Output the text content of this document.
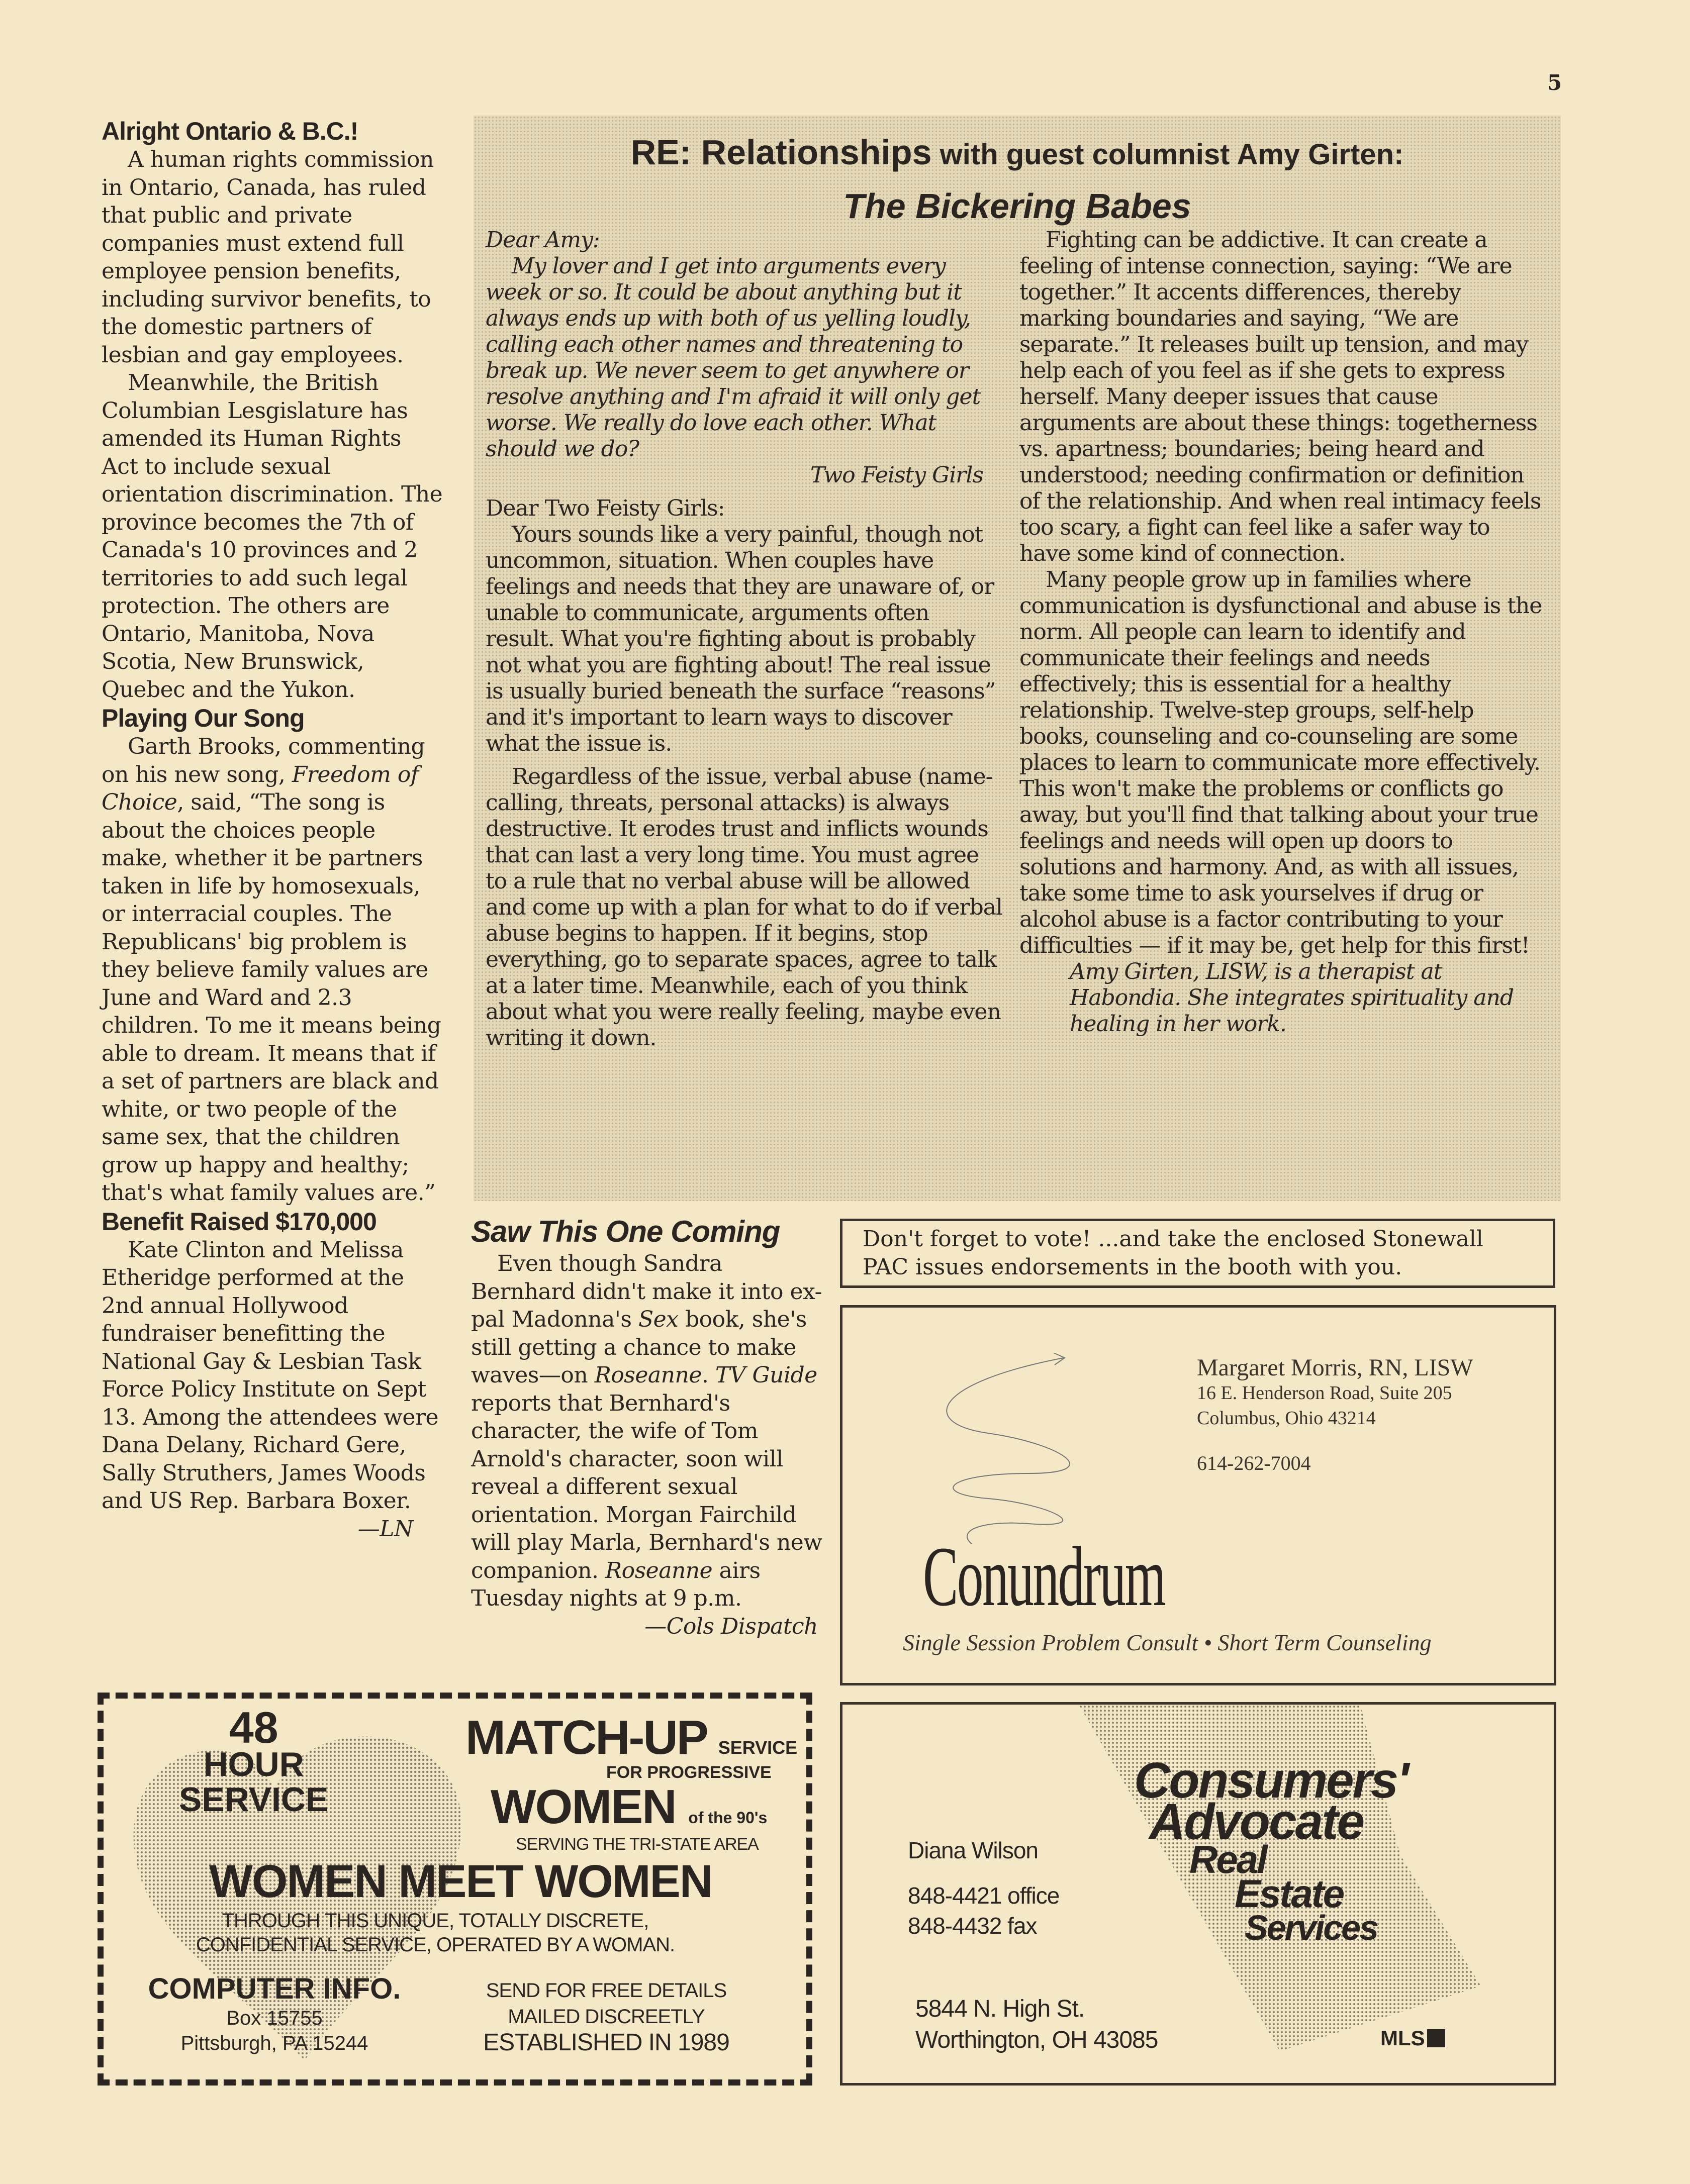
5
Alright Ontario & B.C.!

A human rights commission in Ontario, Canada, has ruled that public and private companies must extend full employee pension benefits, including survivor benefits, to the domestic partners of lesbian and gay employees.

Meanwhile, the British Columbian Lesgislature has amended its Human Rights Act to include sexual orientation discrimination. The province becomes the 7th of Canada's 10 provinces and 2 territories to add such legal protection. The others are Ontario, Manitoba, Nova Scotia, New Brunswick, Quebec and the Yukon.

Playing Our Song

Garth Brooks, commenting on his new song, Freedom of Choice, said, “The song is about the choices people make, whether it be partners taken in life by homosexuals, or interracial couples. The Republicans' big problem is they believe family values are June and Ward and 2.3 children. To me it means being able to dream. It means that if a set of partners are black and white, or two people of the same sex, that the children grow up happy and healthy; that's what family values are.”

Benefit Raised $170,000

Kate Clinton and Melissa Etheridge performed at the 2nd annual Hollywood fundraiser benefitting the National Gay & Lesbian Task Force Policy Institute on Sept 13. Among the attendees were Dana Delany, Richard Gere, Sally Struthers, James Woods and US Rep. Barbara Boxer.

—LN
RE: Relationships with guest columnist Amy Girten:
The Bickering Babes
Dear Amy:

My lover and I get into arguments every week or so. It could be about anything but it always ends up with both of us yelling loudly, calling each other names and threatening to break up. We never seem to get anywhere or resolve anything and I'm afraid it will only get worse. We really do love each other. What should we do?

Two Feisty Girls
Dear Two Feisty Girls:

Yours sounds like a very painful, though not uncommon, situation. When couples have feelings and needs that they are unaware of, or unable to communicate, arguments often result. What you're fighting about is probably not what you are fighting about! The real issue is usually buried beneath the surface “reasons” and it's important to learn ways to discover what the issue is.

Regardless of the issue, verbal abuse (name-calling, threats, personal attacks) is always destructive. It erodes trust and inflicts wounds that can last a very long time. You must agree to a rule that no verbal abuse will be allowed and come up with a plan for what to do if verbal abuse begins to happen. If it begins, stop everything, go to separate spaces, agree to talk at a later time. Meanwhile, each of you think about what you were really feeling, maybe even writing it down.

Fighting can be addictive. It can create a feeling of intense connection, saying: “We are together.” It accents differences, thereby marking boundaries and saying, “We are separate.” It releases built up tension, and may help each of you feel as if she gets to express herself. Many deeper issues that cause arguments are about these things: togetherness vs. apartness; boundaries; being heard and understood; needing confirmation or definition of the relationship. And when real intimacy feels too scary, a fight can feel like a safer way to have some kind of connection.

Many people grow up in families where communication is dysfunctional and abuse is the norm. All people can learn to identify and communicate their feelings and needs effectively; this is essential for a healthy relationship. Twelve-step groups, self-help books, counseling and co-counseling are some places to learn to communicate more effectively. This won't make the problems or conflicts go away, but you'll find that talking about your true feelings and needs will open up doors to solutions and harmony. And, as with all issues, take some time to ask yourselves if drug or alcohol abuse is a factor contributing to your difficulties — if it may be, get help for this first!

Amy Girten, LISW, is a therapist at Habondia. She integrates spirituality and healing in her work.
Saw This One Coming

Even though Sandra Bernhard didn't make it into ex-pal Madonna's Sex book, she's still getting a chance to make waves—on Roseanne. TV Guide reports that Bernhard's character, the wife of Tom Arnold's character, soon will reveal a different sexual orientation. Morgan Fairchild will play Marla, Bernhard's new companion. Roseanne airs Tuesday nights at 9 p.m.

—Cols Dispatch
Don't forget to vote! ...and take the enclosed Stonewall PAC issues endorsements in the booth with you.
Conundrum
Margaret Morris, RN, LISW
16 E. Henderson Road, Suite 205
Columbus, Ohio 43214
614-262-7004
Single Session Problem Consult • Short Term Counseling
Consumers'
Advocate
Real
Estate
Services
Diana Wilson
848-4421 office
848-4432 fax
5844 N. High St.
Worthington, OH 43085	MLS
48
HOUR
SERVICE
MATCH-UP SERVICE
FOR PROGRESSIVE
WOMEN of the 90's
SERVING THE TRI-STATE AREA
WOMEN MEET WOMEN
THROUGH THIS UNIQUE, TOTALLY DISCRETE,
CONFIDENTIAL SERVICE, OPERATED BY A WOMAN.
COMPUTER INFO.
Box 15755
Pittsburgh, PA 15244
SEND FOR FREE DETAILS
MAILED DISCREETLY
ESTABLISHED IN 1989
